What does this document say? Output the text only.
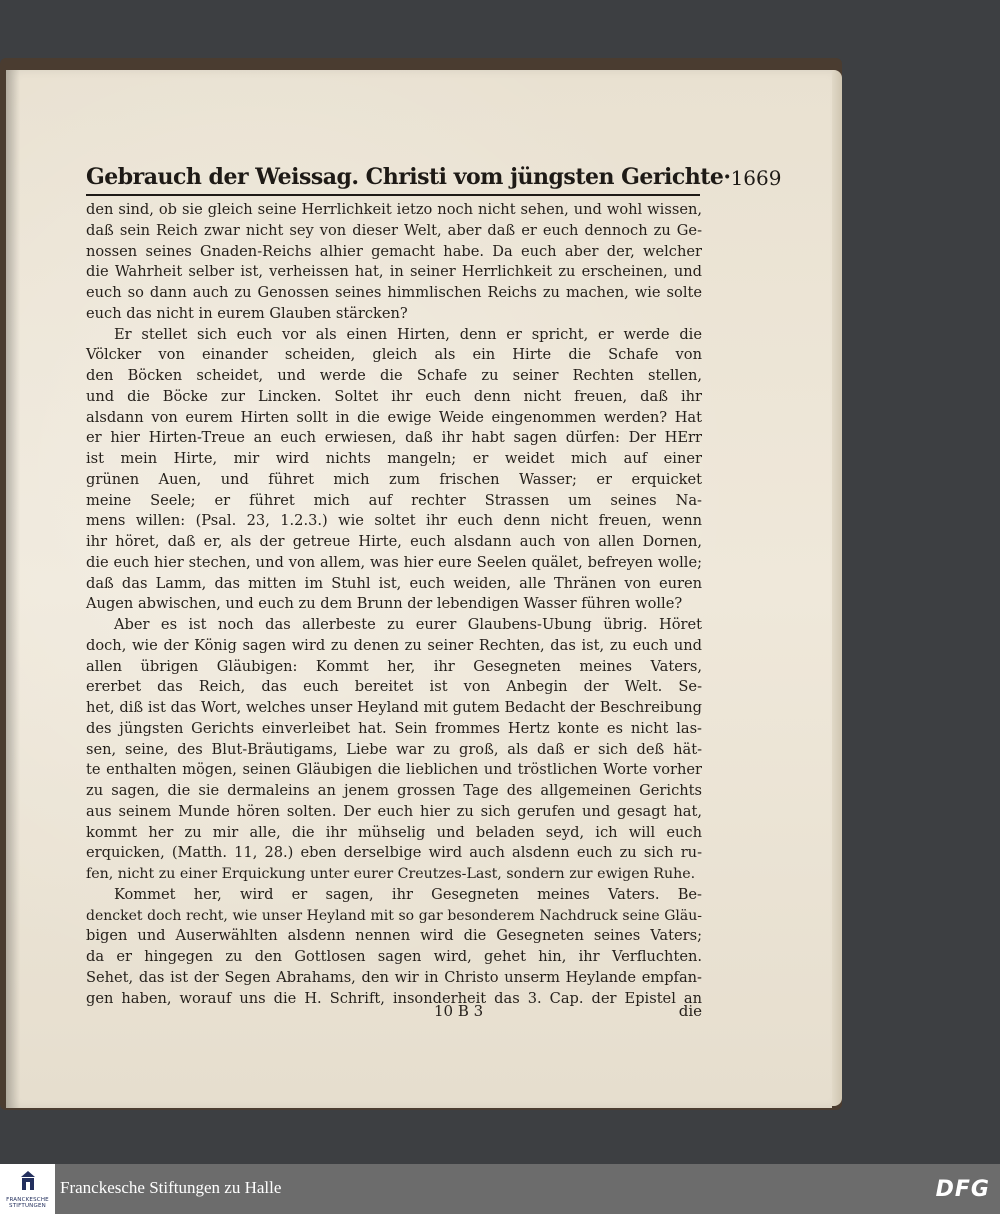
Gebrauch der Weissag. Christi vom jüngsten Gerichte· 1669
den sind, ob sie gleich seine Herrlichkeit ietzo noch nicht sehen, und wohl wissen,
daß sein Reich zwar nicht sey von dieser Welt, aber daß er euch dennoch zu Ge-
nossen seines Gnaden-Reichs alhier gemacht habe. Da euch aber der, welcher
die Wahrheit selber ist, verheissen hat, in seiner Herrlichkeit zu erscheinen, und
euch so dann auch zu Genossen seines himmlischen Reichs zu machen, wie solte
euch das nicht in eurem Glauben stärcken?
Er stellet sich euch vor als einen Hirten, denn er spricht, er werde die
Völcker von einander scheiden, gleich als ein Hirte die Schafe von
den Böcken scheidet, und werde die Schafe zu seiner Rechten stellen,
und die Böcke zur Lincken. Soltet ihr euch denn nicht freuen, daß ihr
alsdann von eurem Hirten sollt in die ewige Weide eingenommen werden? Hat
er hier Hirten-Treue an euch erwiesen, daß ihr habt sagen dürfen: Der HErr
ist mein Hirte, mir wird nichts mangeln; er weidet mich auf einer
grünen Auen, und führet mich zum frischen Wasser; er erquicket
meine Seele; er führet mich auf rechter Strassen um seines Na-
mens willen: (Psal. 23, 1.2.3.) wie soltet ihr euch denn nicht freuen, wenn
ihr höret, daß er, als der getreue Hirte, euch alsdann auch von allen Dornen,
die euch hier stechen, und von allem, was hier eure Seelen quälet, befreyen wolle;
daß das Lamm, das mitten im Stuhl ist, euch weiden, alle Thränen von euren
Augen abwischen, und euch zu dem Brunn der lebendigen Wasser führen wolle?
Aber es ist noch das allerbeste zu eurer Glaubens-Ubung übrig. Höret
doch, wie der König sagen wird zu denen zu seiner Rechten, das ist, zu euch und
allen übrigen Gläubigen: Kommt her, ihr Gesegneten meines Vaters,
ererbet das Reich, das euch bereitet ist von Anbegin der Welt. Se-
het, diß ist das Wort, welches unser Heyland mit gutem Bedacht der Beschreibung
des jüngsten Gerichts einverleibet hat. Sein frommes Hertz konte es nicht las-
sen, seine, des Blut-Bräutigams, Liebe war zu groß, als daß er sich deß hät-
te enthalten mögen, seinen Gläubigen die lieblichen und tröstlichen Worte vorher
zu sagen, die sie dermaleins an jenem grossen Tage des allgemeinen Gerichts
aus seinem Munde hören solten. Der euch hier zu sich gerufen und gesagt hat,
kommt her zu mir alle, die ihr mühselig und beladen seyd, ich will euch
erquicken, (Matth. 11, 28.) eben derselbige wird auch alsdenn euch zu sich ru-
fen, nicht zu einer Erquickung unter eurer Creutzes-Last, sondern zur ewigen Ruhe.
Kommet her, wird er sagen, ihr Gesegneten meines Vaters. Be-
dencket doch recht, wie unser Heyland mit so gar besonderem Nachdruck seine Gläu-
bigen und Auserwählten alsdenn nennen wird die Gesegneten seines Vaters;
da er hingegen zu den Gottlosen sagen wird, gehet hin, ihr Verfluchten.
Sehet, das ist der Segen Abrahams, den wir in Christo unserm Heylande empfan-
gen haben, worauf uns die H. Schrift, insonderheit das 3. Cap. der Epistel an
10 B 3	die
FRANCKESCHE STIFTUNGEN
Franckesche Stiftungen zu Halle	DFG
